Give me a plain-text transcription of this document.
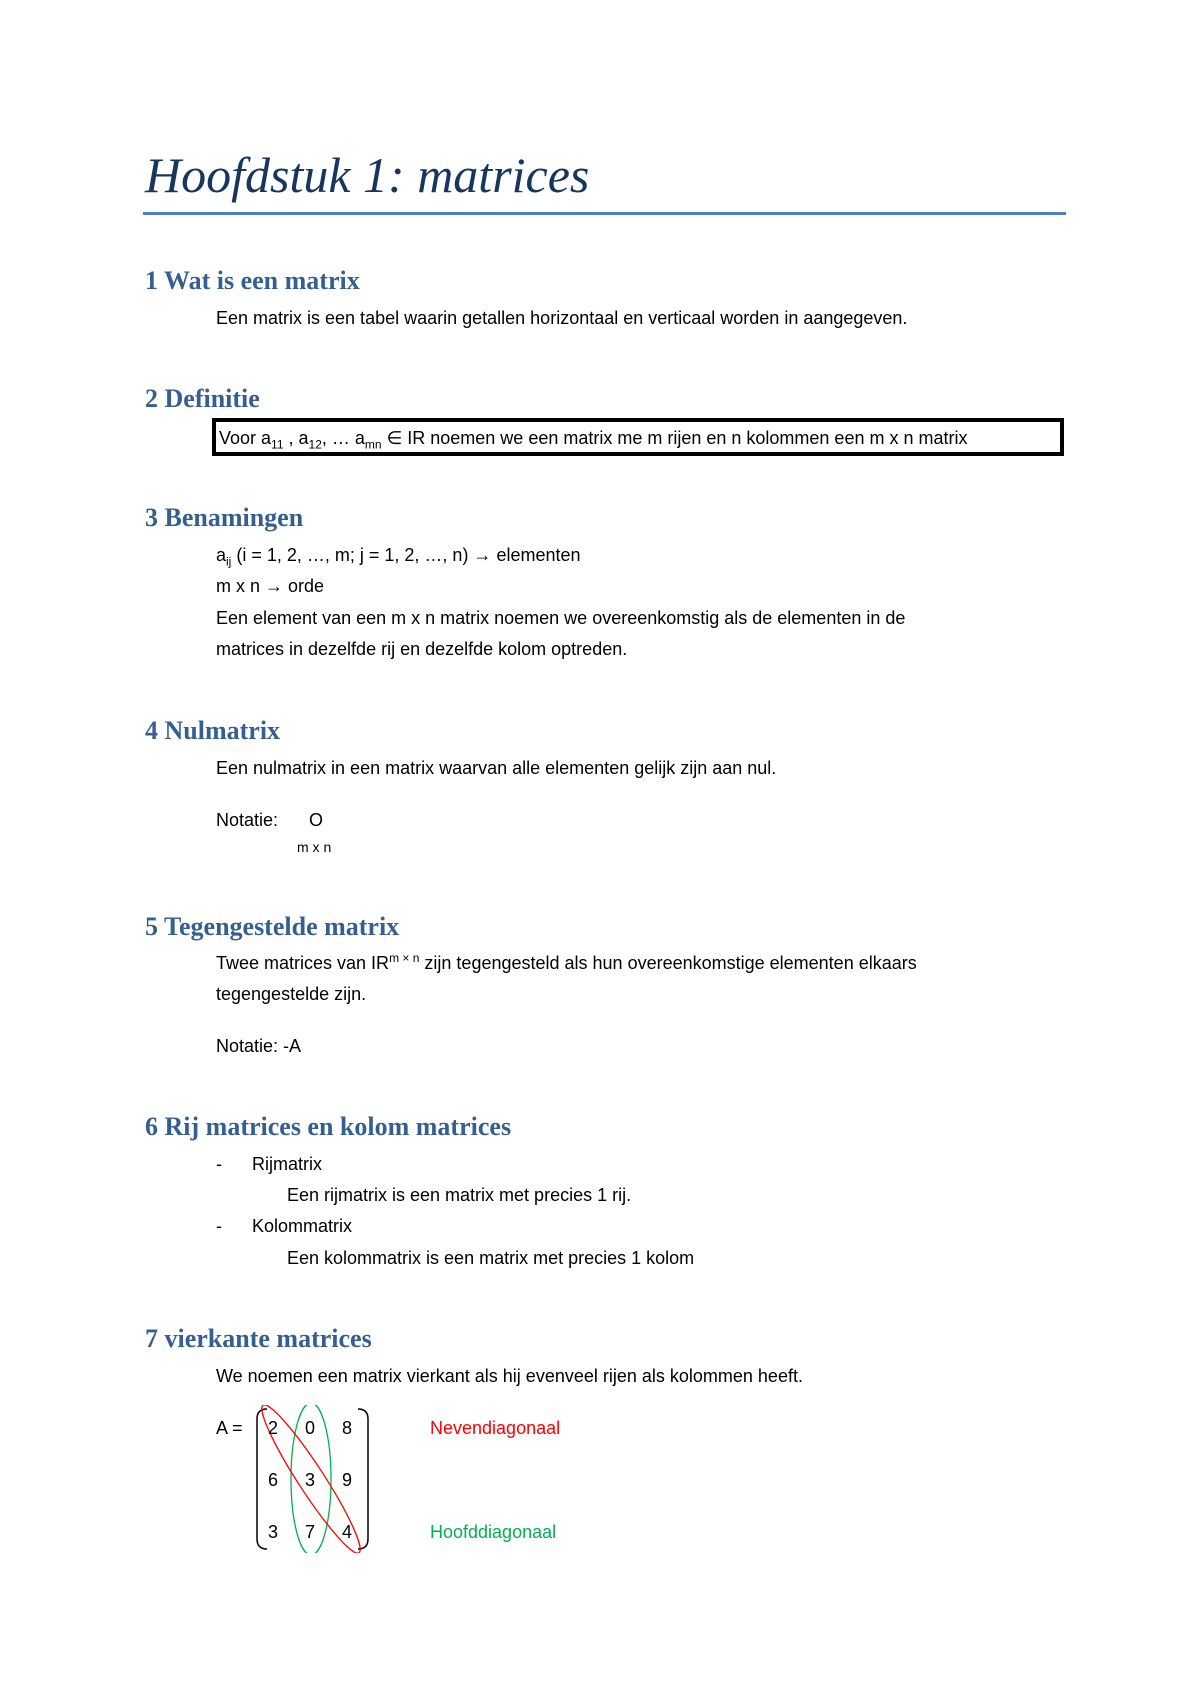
Hoofdstuk 1: matrices
1 Wat is een matrix

Een matrix is een tabel waarin getallen horizontaal en verticaal worden in aangegeven.

2 Definitie
Voor $a_{11}$ , $a_{12}$, … $a_{mn}$ ∈ IR noemen we een matrix me m rijen en n kolommen een m x n matrix
3 Benamingen

$a_{ij}$ (i = 1, 2, …, m; j = 1, 2, …, n) → elementen

m x n → orde

Een element van een m x n matrix noemen we overeenkomstig als de elementen in de

matrices in dezelfde rij en dezelfde kolom optreden.

4 Nulmatrix

Een nulmatrix in een matrix waarvan alle elementen gelijk zijn aan nul.

Notatie: O

m x n

5 Tegengestelde matrix

Twee matrices van $IR^{m \times n}$ zijn tegengesteld als hun overeenkomstige elementen elkaars

tegengestelde zijn.

Notatie: -A

6 Rij matrices en kolom matrices
- Rijmatrix

Een rijmatrix is een matrix met precies 1 rij.

- Kolommatrix

Een kolommatrix is een matrix met precies 1 kolom

7 vierkante matrices

We noemen een matrix vierkant als hij evenveel rijen als kolommen heeft.

A =	2	0	8
6	3	9
3	7	4

Nevendiagonaal

Hoofddiagonaal
